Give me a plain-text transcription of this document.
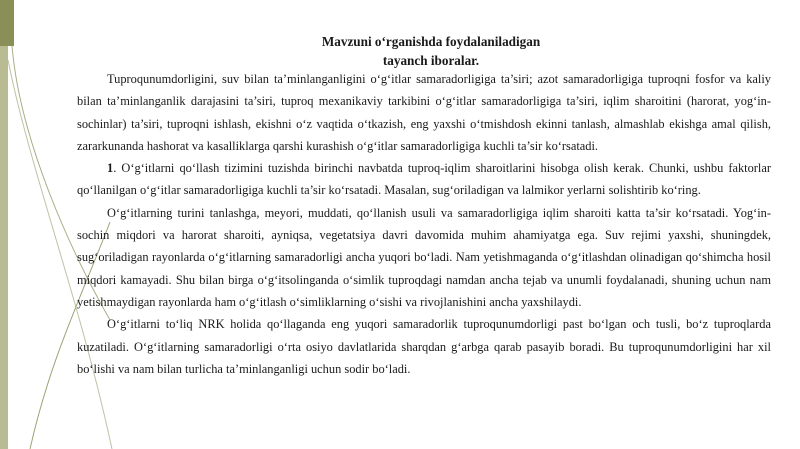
Mavzuni o‘rganishda foydalaniladigan
tayanch iboralar.

Tuproqunumdorligini, suv bilan ta’minlanganligini o‘g‘itlar samaradorligiga ta’siri; azot samaradorligiga tuproqni fosfor va kaliy bilan ta’minlanganlik darajasini ta’siri, tuproq mexanikaviy tarkibini o‘g‘itlar samaradorligiga ta’siri, iqlim sharoitini (harorat, yog‘in-sochinlar) ta’siri, tuproqni ishlash, ekishni o‘z vaqtida o‘tkazish, eng yaxshi o‘tmishdosh ekinni tanlash, almashlab ekishga amal qilish, zararkunanda hashorat va kasalliklarga qarshi kurashish o‘g‘itlar samaradorligiga kuchli ta’sir ko‘rsatadi.

1. O‘g‘itlarni qo‘llash tizimini tuzishda birinchi navbatda tuproq-iqlim sharoitlarini hisobga olish kerak. Chunki, ushbu faktorlar qo‘llanilgan o‘g‘itlar samaradorligiga kuchli ta’sir ko‘rsatadi. Masalan, sug‘oriladigan va lalmikor yerlarni solishtirib ko‘ring.

O‘g‘itlarning turini tanlashga, meyori, muddati, qo‘llanish usuli va samaradorligiga iqlim sharoiti katta ta’sir ko‘rsatadi. Yog‘in-sochin miqdori va harorat sharoiti, ayniqsa, vegetatsiya davri davomida muhim ahamiyatga ega. Suv rejimi yaxshi, shuningdek, sug‘oriladigan rayonlarda o‘g‘itlarning samaradorligi ancha yuqori bo‘ladi. Nam yetishmaganda o‘g‘itlashdan olinadigan qo‘shimcha hosil miqdori kamayadi. Shu bilan birga o‘g‘itsolinganda o‘simlik tuproqdagi namdan ancha tejab va unumli foydalanadi, shuning uchun nam yetishmaydigan rayonlarda ham o‘g‘itlash o‘simliklarning o‘sishi va rivojlanishini ancha yaxshilaydi.

O‘g‘itlarni to‘liq NRK holida qo‘llaganda eng yuqori samaradorlik tuproqunumdorligi past bo‘lgan och tusli, bo‘z tuproqlarda kuzatiladi. O‘g‘itlarning samaradorligi o‘rta osiyo davlatlarida sharqdan g‘arbga qarab pasayib boradi. Bu tuproqunumdorligini har xil bo‘lishi va nam bilan turlicha ta’minlanganligi uchun sodir bo‘ladi.
